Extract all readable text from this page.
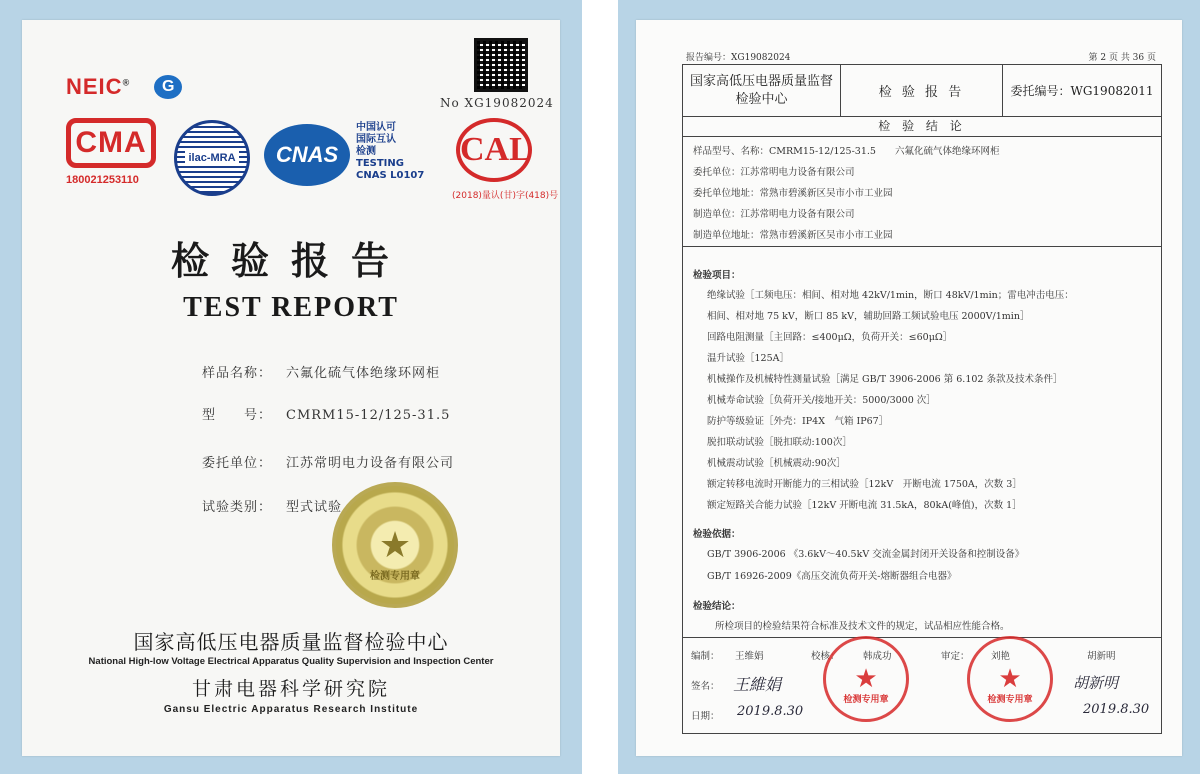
NEIC®	G
No XG19082024
CMA
180021253110
ilac-MRA	CNAS
中国认可
国际互认
检测
TESTING
CNAS L0107
CAL
(2018)量认(甘)字(418)号
检验报告
TEST REPORT
样品名称： 六氟化硫气体绝缘环网柜
型　　号： CMRM15-12/125-31.5
委托单位： 江苏常明电力设备有限公司
试验类别： 型式试验
★
检测专用章
国家高低压电器质量监督检验中心
National High-low Voltage Electrical Apparatus Quality Supervision and Inspection Center
甘肃电器科学研究院
Gansu Electric Apparatus Research Institute
报告编号：XG19082024	第 2 页 共 36 页
国家高低压电器质量监督检验中心	检 验 报 告	委托编号：WG19082011
检 验 结 论
样品型号、名称：CMRM15-12/125-31.5　　六氟化硫气体绝缘环网柜
委托单位：江苏常明电力设备有限公司
委托单位地址：常熟市碧溪新区吴市小市工业园
制造单位：江苏常明电力设备有限公司
制造单位地址：常熟市碧溪新区吴市小市工业园
检验项目：
绝缘试验［工频电压：相间、相对地 42kV/1min，断口 48kV/1min；雷电冲击电压：
相间、相对地 75 kV，断口 85 kV，辅助回路工频试验电压 2000V/1min］
回路电阻测量［主回路：≤400μΩ，负荷开关：≤60μΩ］
温升试验［125A］
机械操作及机械特性测量试验［满足 GB/T 3906-2006 第 6.102 条款及技术条件］
机械寿命试验［负荷开关/接地开关：5000/3000 次］
防护等级验证［外壳：IP4X　气箱 IP67］
脱扣联动试验［脱扣联动:100次］
机械震动试验［机械震动:90次］
额定转移电流时开断能力的三相试验［12kV　开断电流 1750A，次数 3］
额定短路关合能力试验［12kV 开断电流 31.5kA，80kA(峰值)，次数 1］
检验依据：
GB/T 3906-2006 《3.6kV～40.5kV 交流金属封闭开关设备和控制设备》
GB/T 16926-2009《高压交流负荷开关-熔断器组合电器》
检验结论：
所检项目的检验结果符合标准及技术文件的规定，试品相应性能合格。
编制： 王维娟	校核： 韩成功	审定： 刘艳	胡新明
签名：
日期： 2019.8.30	2019.8.30
王維娟	胡新明
★
检测专用章
★
检测专用章
